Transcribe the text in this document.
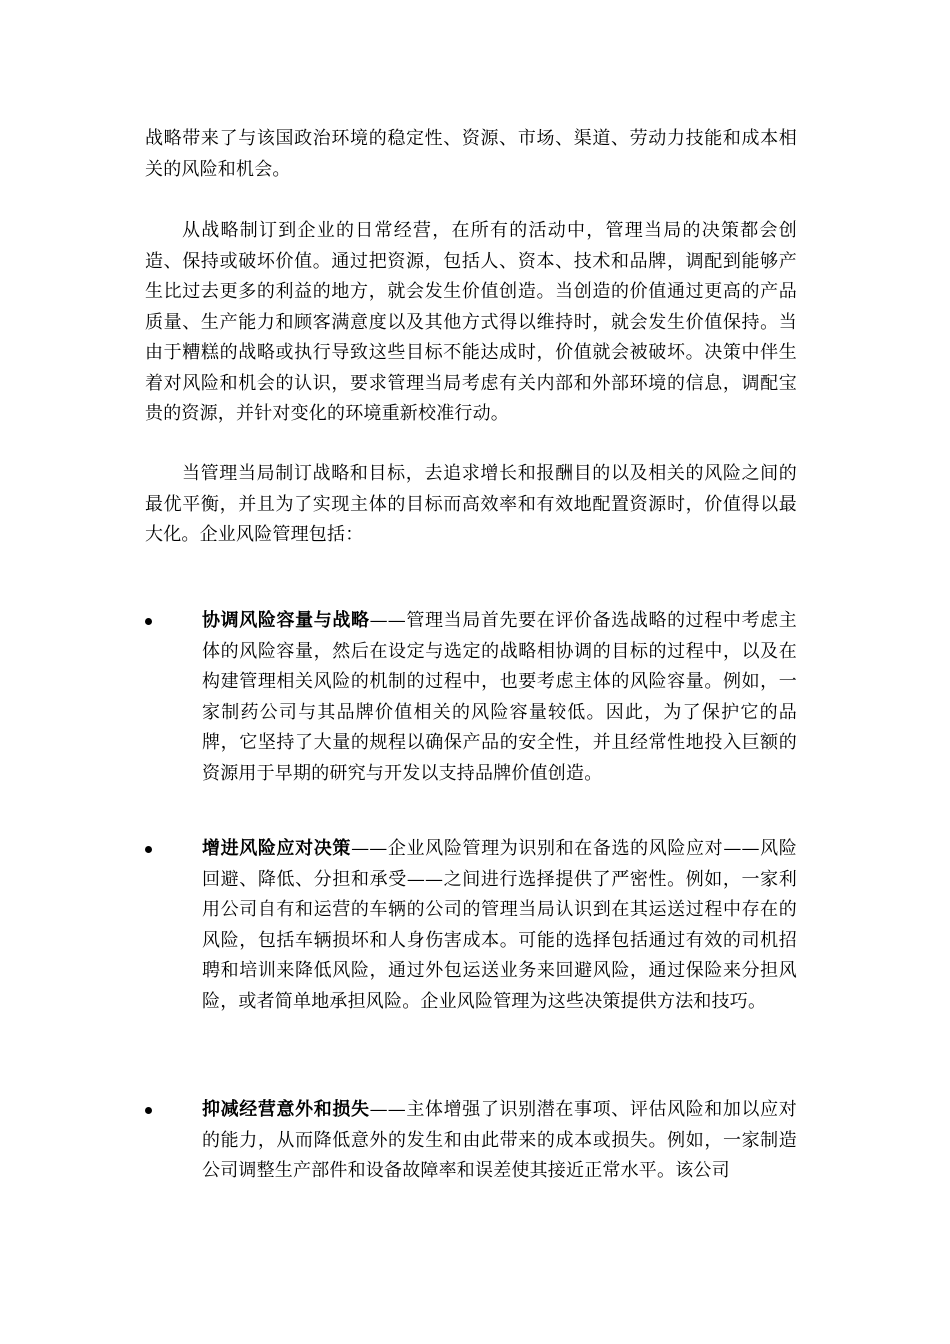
战略带来了与该国政治环境的稳定性、资源、市场、渠道、劳动力技能和成本相关的风险和机会。

从战略制订到企业的日常经营，在所有的活动中，管理当局的决策都会创造、保持或破坏价值。通过把资源，包括人、资本、技术和品牌，调配到能够产生比过去更多的利益的地方，就会发生价值创造。当创造的价值通过更高的产品质量、生产能力和顾客满意度以及其他方式得以维持时，就会发生价值保持。当由于糟糕的战略或执行导致这些目标不能达成时，价值就会被破坏。决策中伴生着对风险和机会的认识，要求管理当局考虑有关内部和外部环境的信息，调配宝贵的资源，并针对变化的环境重新校准行动。

当管理当局制订战略和目标，去追求增长和报酬目的以及相关的风险之间的最优平衡，并且为了实现主体的目标而高效率和有效地配置资源时，价值得以最大化。企业风险管理包括：

协调风险容量与战略——管理当局首先要在评价备选战略的过程中考虑主体的风险容量，然后在设定与选定的战略相协调的目标的过程中，以及在构建管理相关风险的机制的过程中，也要考虑主体的风险容量。例如，一家制药公司与其品牌价值相关的风险容量较低。因此，为了保护它的品牌，它坚持了大量的规程以确保产品的安全性，并且经常性地投入巨额的资源用于早期的研究与开发以支持品牌价值创造。
增进风险应对决策——企业风险管理为识别和在备选的风险应对——风险回避、降低、分担和承受——之间进行选择提供了严密性。例如，一家利用公司自有和运营的车辆的公司的管理当局认识到在其运送过程中存在的风险，包括车辆损坏和人身伤害成本。可能的选择包括通过有效的司机招聘和培训来降低风险，通过外包运送业务来回避风险，通过保险来分担风险，或者简单地承担风险。企业风险管理为这些决策提供方法和技巧。
抑减经营意外和损失——主体增强了识别潜在事项、评估风险和加以应对的能力，从而降低意外的发生和由此带来的成本或损失。例如，一家制造公司调整生产部件和设备故障率和误差使其接近正常水平。该公司
